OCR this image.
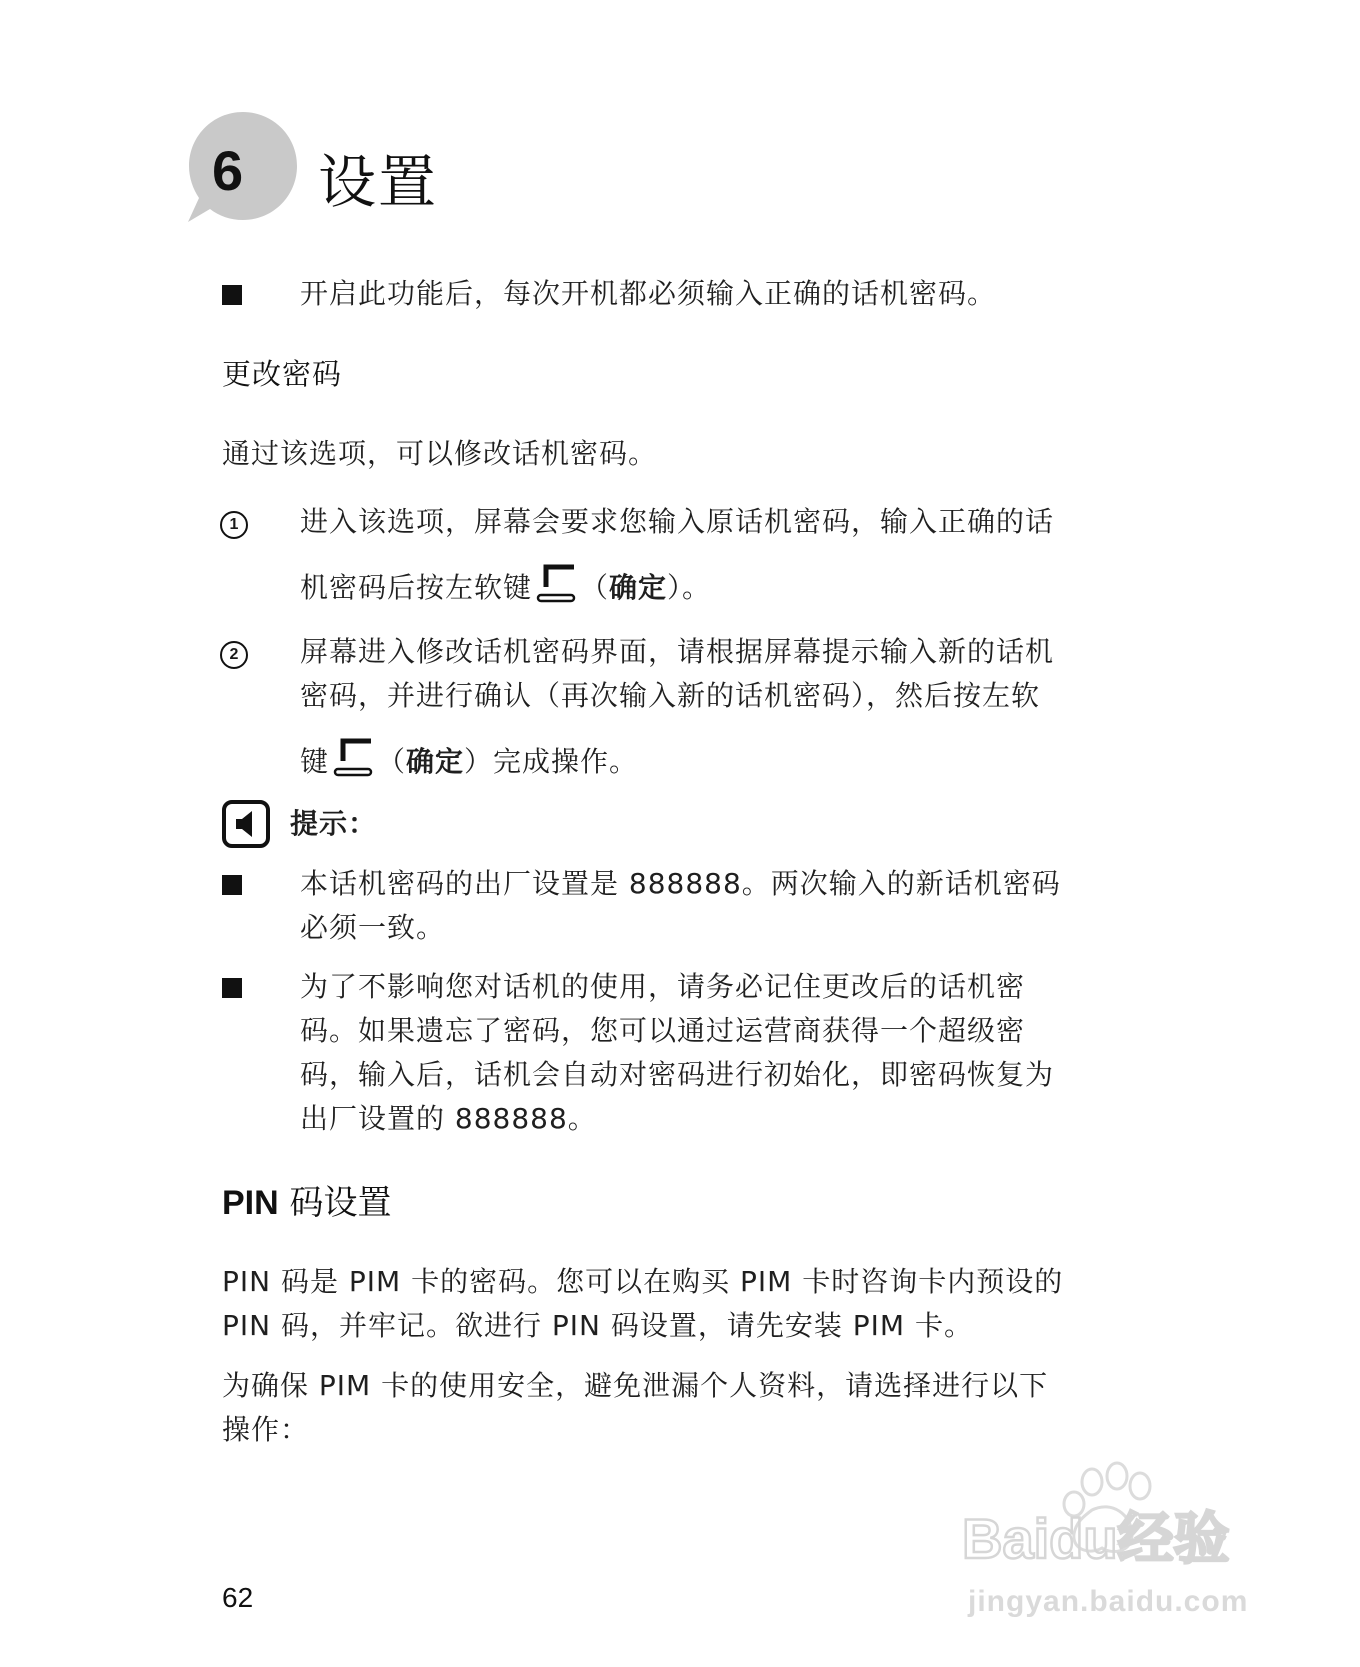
6 设置
开启此功能后，每次开机都必须输入正确的话机密码。
更改密码
通过该选项，可以修改话机密码。
1	进入该选项，屏幕会要求您输入原话机密码，输入正确的话
机密码后按左软键 （确定）。
2	屏幕进入修改话机密码界面，请根据屏幕提示输入新的话机
密码，并进行确认（再次输入新的话机密码），然后按左软
键 （确定）完成操作。
提示：
本话机密码的出厂设置是 888888。两次输入的新话机密码
必须一致。
为了不影响您对话机的使用，请务必记住更改后的话机密
码。如果遗忘了密码，您可以通过运营商获得一个超级密
码，输入后，话机会自动对密码进行初始化，即密码恢复为
出厂设置的 888888。
PIN 码设置
PIN 码是 PIM 卡的密码。您可以在购买 PIM 卡时咨询卡内预设的
PIN 码，并牢记。欲进行 PIN 码设置，请先安装 PIM 卡。
为确保 PIM 卡的使用安全，避免泄漏个人资料，请选择进行以下
操作：
62
Baidu经验
jingyan.baidu.com
